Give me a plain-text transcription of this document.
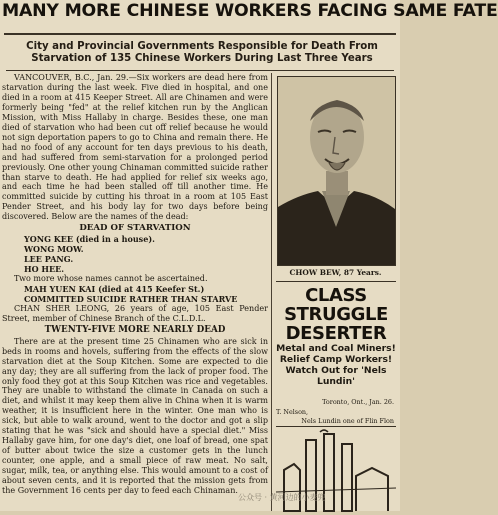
MANY MORE CHINESE WORKERS FACING SAME FATE
City and Provincial Governments Responsible for Death From Starvation of 135 Chinese Workers During Last Three Years

VANCOUVER, B.C., Jan. 29.—Six workers are dead here from starvation during the last week. Five died in hospital, and one died in a room at 415 Keeper Street. All are Chinamen and were formerly being "fed" at the relief kitchen run by the Anglican Mission, with Miss Hallaby in charge. Besides these, one man died of starvation who had been cut off relief because he would not sign deportation papers to go to China and remain there. He had no food of any account for ten days previous to his death, and had suffered from semi-starvation for a prolonged period previously. One other young Chinaman committed suicide rather than starve to death. He had applied for relief six weeks ago, and each time he had been stalled off till another time. He committed suicide by cutting his throat in a room at 105 East Pender Street, and his body lay for two days before being discovered. Below are the names of the dead:

DEAD OF STARVATION
YONG KEE (died in a house).
WONG MOW.
LEE PANG.
HO HEE.

Two more whose names cannot be ascertained.

MAH YUEN KAI (died at 415 Keefer St.)
COMMITTED SUICIDE RATHER THAN STARVE

CHAN SHER LEONG, 26 years of age, 105 East Pender Street, member of Chinese Branch of the C.L.D.L.

TWENTY-FIVE MORE NEARLY DEAD

There are at the present time 25 Chinamen who are sick in beds in rooms and hovels, suffering from the effects of the slow starvation diet at the Soup Kitchen. Some are expected to die any day; they are all suffering from the lack of proper food. The only food they got at this Soup Kitchen was rice and vegetables. They are unable to withstand the climate in Canada on such a diet, and whilst it may keep them alive in China when it is warm weather, it is insufficient here in the winter. One man who is sick, but able to walk around, went to the doctor and got a slip stating that he was "sick and should have a special diet." Miss Hallaby gave him, for one day's diet, one loaf of bread, one spat of butter about twice the size a customer gets in the lunch counter, one apple, and a small piece of raw meat. No salt, sugar, milk, tea, or anything else. This would amount to a cost of about seven cents, and it is reported that the mission gets from the Government 16 cents per day to feed each Chinaman.

CHOW BEW, 87 Years.
CLASS STRUGGLE DESERTER
Metal and Coal Miners! Relief Camp Workers! Watch Out for 'Nels Lundin'
Toronto, Ont., Jan. 26.
T. Nelson,
Nels Lundin one of Flin Flon
公众号 · 黄河边的小麦兜
